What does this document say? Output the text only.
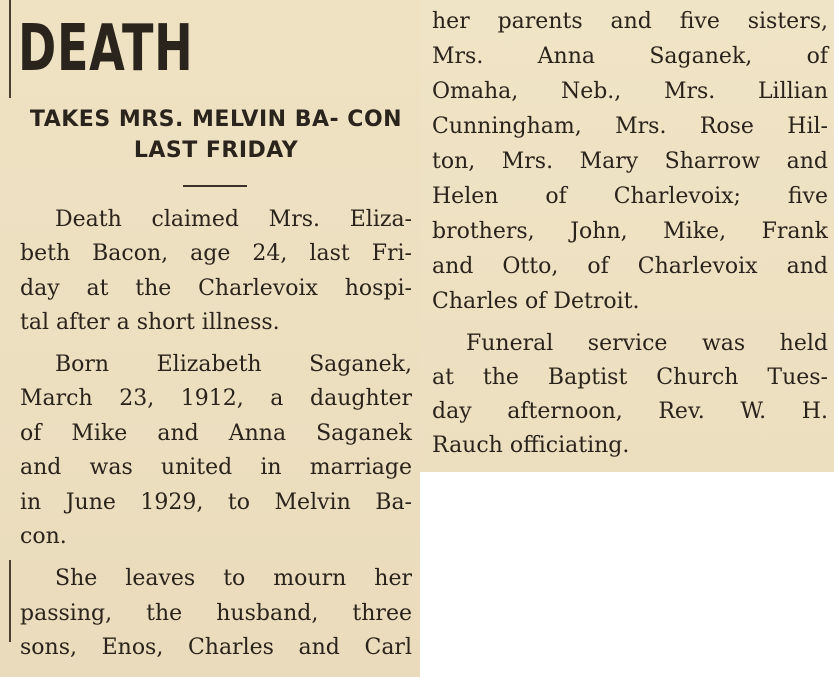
DEATH
TAKES MRS. MELVIN BA- CON LAST FRIDAY

Death claimed Mrs. Eliza-

beth Bacon, age 24, last Fri-

day at the Charlevoix hospi-

tal after a short illness.

Born Elizabeth Saganek,

March 23, 1912, a daughter

of Mike and Anna Saganek

and was united in marriage

in June 1929, to Melvin Ba-

con.

She leaves to mourn her

passing, the husband, three

sons, Enos, Charles and Carl

her parents and five sisters,

Mrs. Anna Saganek, of

Omaha, Neb., Mrs. Lillian

Cunningham, Mrs. Rose Hil-

ton, Mrs. Mary Sharrow and

Helen of Charlevoix; five

brothers, John, Mike, Frank

and Otto, of Charlevoix and

Charles of Detroit.

Funeral service was held

at the Baptist Church Tues-

day afternoon, Rev. W. H.

Rauch officiating.
